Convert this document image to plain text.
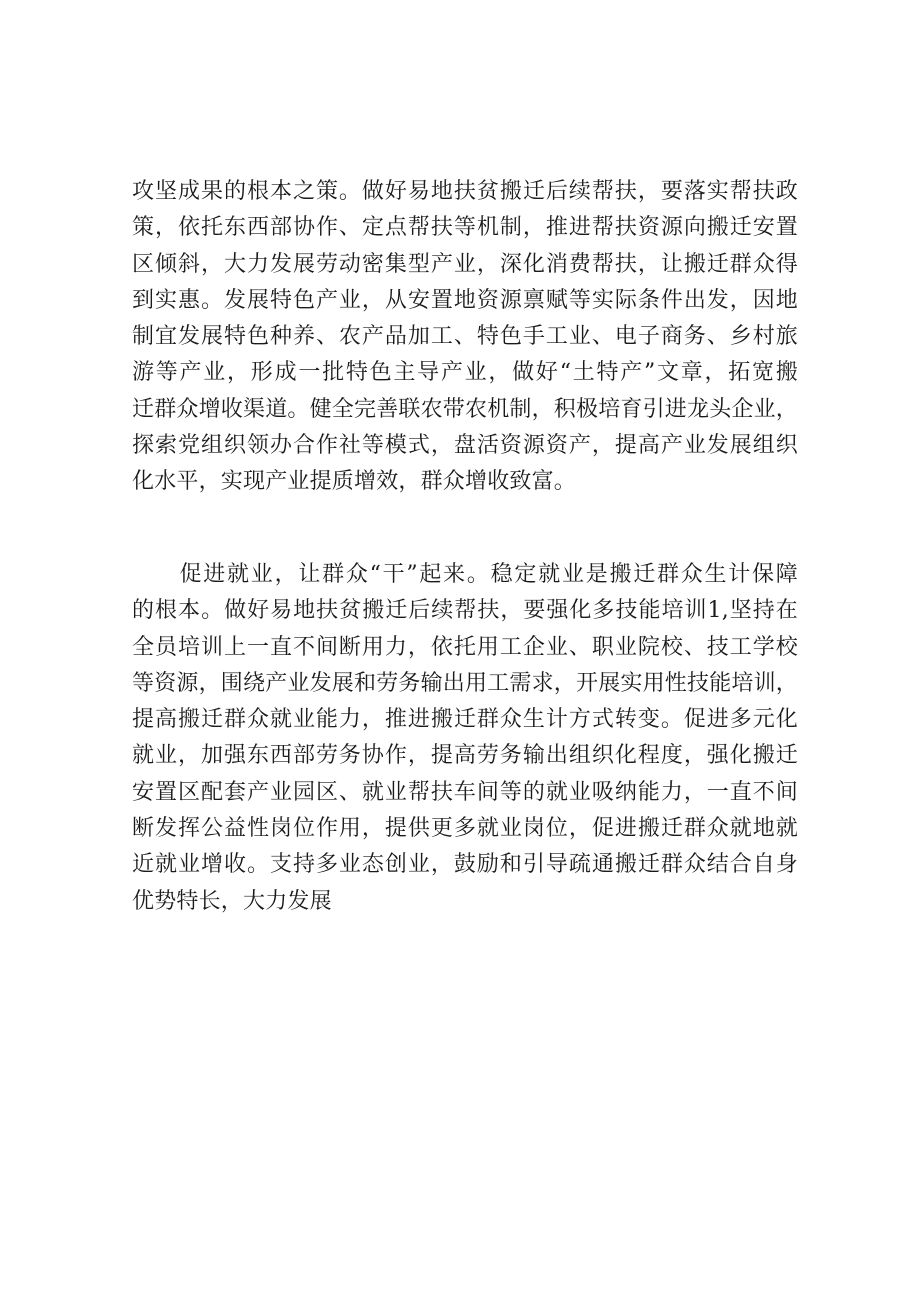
攻坚成果的根本之策。做好易地扶贫搬迁后续帮扶，要落实帮扶政
策，依托东西部协作、定点帮扶等机制，推进帮扶资源向搬迁安置
区倾斜，大力发展劳动密集型产业，深化消费帮扶，让搬迁群众得
到实惠。发展特色产业，从安置地资源禀赋等实际条件出发，因地
制宜发展特色种养、农产品加工、特色手工业、电子商务、乡村旅
游等产业，形成一批特色主导产业，做好“土特产”文章，拓宽搬
迁群众增收渠道。健全完善联农带农机制，积极培育引进龙头企业，
探索党组织领办合作社等模式，盘活资源资产，提高产业发展组织
化水平，实现产业提质增效，群众增收致富。
　　促进就业，让群众“干”起来。稳定就业是搬迁群众生计保障
的根本。做好易地扶贫搬迁后续帮扶，要强化多技能培训1,坚持在
全员培训上一直不间断用力，依托用工企业、职业院校、技工学校
等资源，围绕产业发展和劳务输出用工需求，开展实用性技能培训，
提高搬迁群众就业能力，推进搬迁群众生计方式转变。促进多元化
就业，加强东西部劳务协作，提高劳务输出组织化程度，强化搬迁
安置区配套产业园区、就业帮扶车间等的就业吸纳能力，一直不间
断发挥公益性岗位作用，提供更多就业岗位，促进搬迁群众就地就
近就业增收。支持多业态创业，鼓励和引导疏通搬迁群众结合自身
优势特长，大力发展
